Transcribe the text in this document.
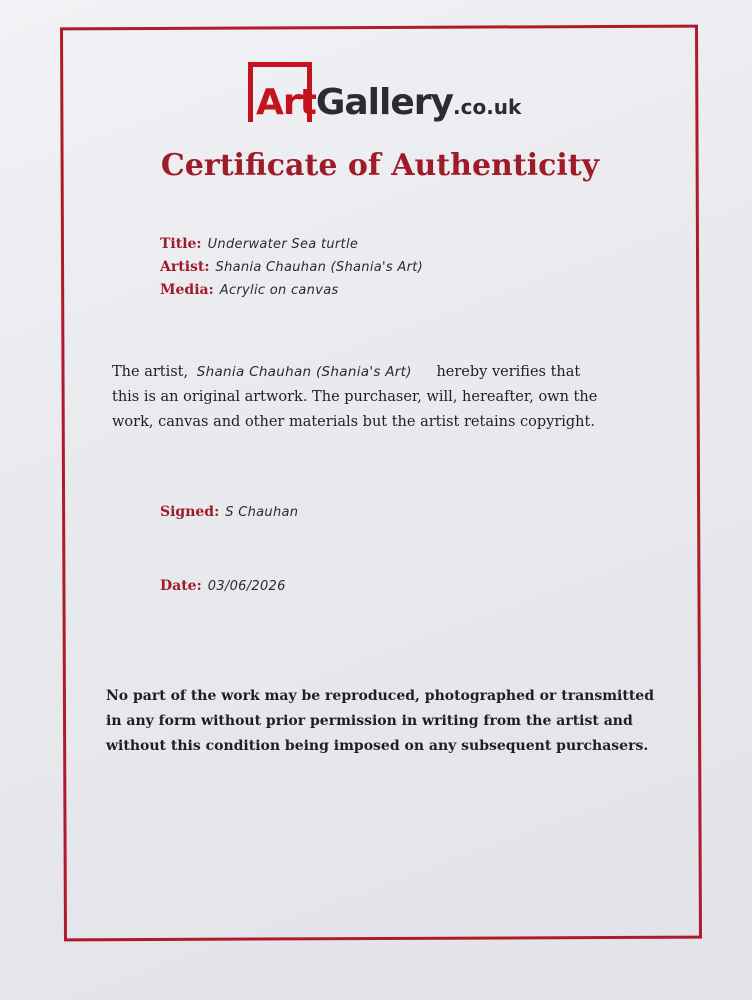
ArtGallery.co.uk
Certificate of Authenticity
Title: Underwater Sea turtle
Artist: Shania Chauhan (Shania's Art)
Media: Acrylic on canvas
The artist, Shania Chauhan (Shania's Art) hereby verifies that
this is an original artwork. The purchaser, will, hereafter, own the
work, canvas and other materials but the artist retains copyright.
Signed: S Chauhan
Date: 03/06/2026
No part of the work may be reproduced, photographed or transmitted
in any form without prior permission in writing from the artist and
without this condition being imposed on any subsequent purchasers.
